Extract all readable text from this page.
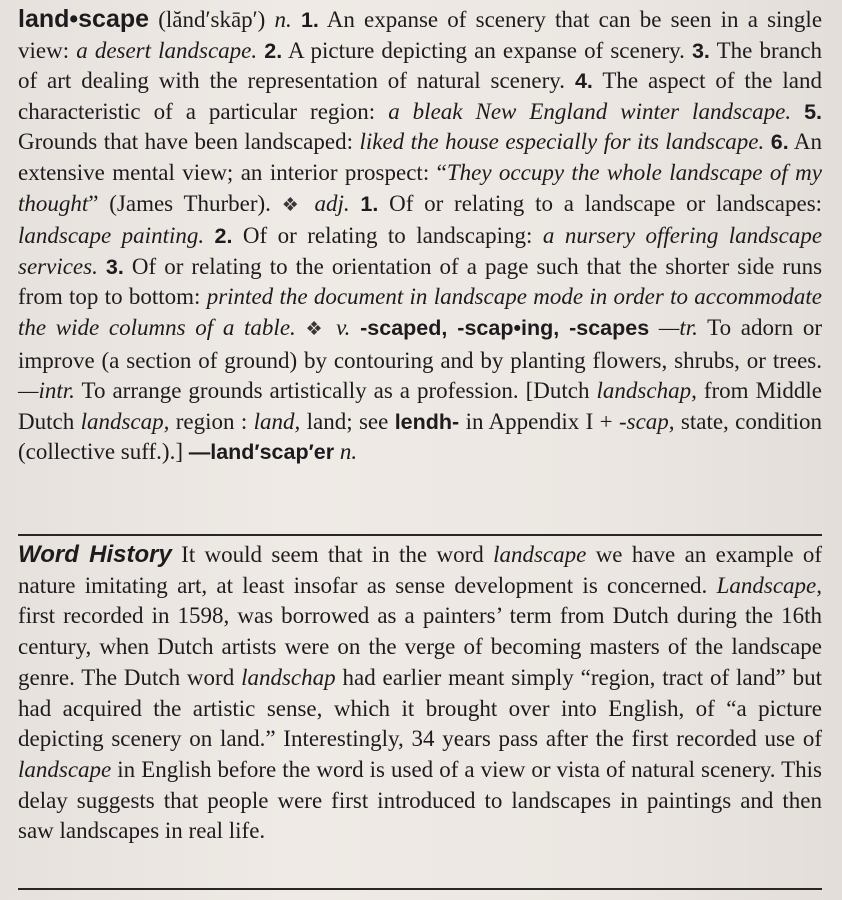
land•scape (lănd′skāp′) n. 1. An expanse of scenery that can be seen in a single view: a desert landscape. 2. A picture depicting an expanse of scenery. 3. The branch of art dealing with the representation of natural scenery. 4. The aspect of the land characteristic of a particular region: a bleak New England winter landscape. 5. Grounds that have been landscaped: liked the house especially for its landscape. 6. An extensive mental view; an interior prospect: “They occupy the whole landscape of my thought” (James Thurber). ❖ adj. 1. Of or relating to a landscape or landscapes: landscape painting. 2. Of or relating to landscaping: a nursery offering landscape services. 3. Of or relating to the orientation of a page such that the shorter side runs from top to bottom: printed the document in landscape mode in order to accommodate the wide columns of a table. ❖ v. -scaped, -scap•ing, -scapes —tr. To adorn or improve (a section of ground) by contouring and by planting flowers, shrubs, or trees. —intr. To arrange grounds artistically as a profession. [Dutch landschap, from Middle Dutch landscap, region : land, land; see lendh- in Appendix I + -scap, state, condition (collective suff.).] —land′scap′er n.
Word History It would seem that in the word landscape we have an example of nature imitating art, at least insofar as sense development is concerned. Landscape, first recorded in 1598, was borrowed as a painters’ term from Dutch during the 16th century, when Dutch artists were on the verge of becoming masters of the landscape genre. The Dutch word landschap had earlier meant simply “region, tract of land” but had acquired the artistic sense, which it brought over into English, of “a picture depicting scenery on land.” Interestingly, 34 years pass after the first recorded use of landscape in English before the word is used of a view or vista of natural scenery. This delay suggests that people were first introduced to landscapes in paintings and then saw landscapes in real life.
